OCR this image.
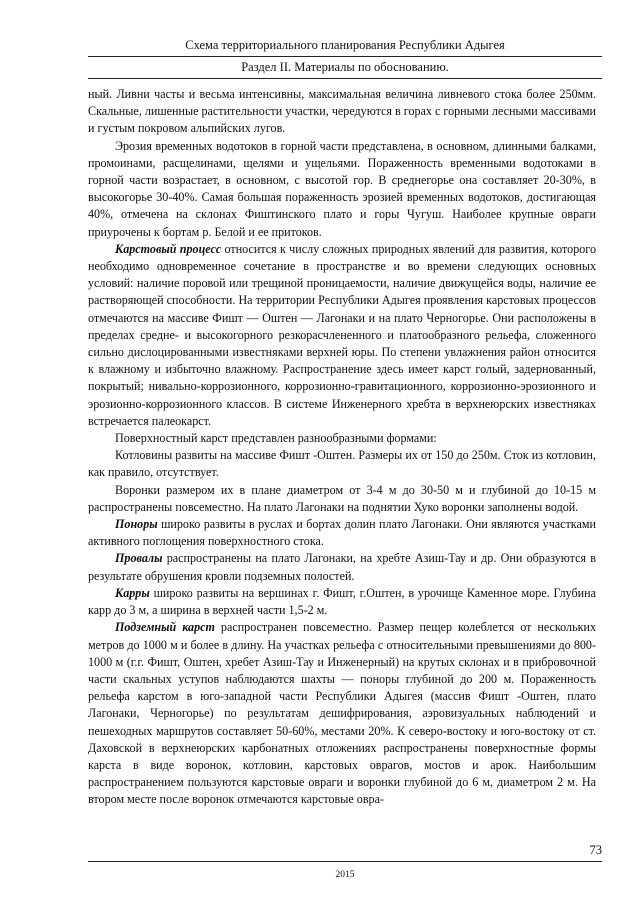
Схема территориального планирования Республики Адыгея

Раздел II. Материалы по обоснованию.

ный. Ливни часты и весьма интенсивны, максимальная величина ливневого стока более 250мм. Скальные, лишенные растительности участки, чередуются в горах с горными лесными массивами и густым покровом альпийских лугов.

Эрозия временных водотоков в горной части представлена, в основном, длинными балками, промоинами, расщелинами, щелями и ущельями. Пораженность временными водотоками в горной части возрастает, в основном, с высотой гор. В среднегорье она составляет 20-30%, в высокогорье 30-40%. Самая большая пораженность эрозией временных водотоков, достигающая 40%, отмечена на склонах Фиштинского плато и горы Чугуш. Наиболее крупные овраги приурочены к бортам р. Белой и ее притоков.

Карстовый процесс относится к числу сложных природных явлений для развития, которого необходимо одновременное сочетание в пространстве и во времени следующих основных условий: наличие поровой или трещиной проницаемости, наличие движущейся воды, наличие ее растворяющей способности. На территории Республики Адыгея проявления карстовых процессов отмечаются на массиве Фишт — Оштен — Лагонаки и на плато Черногорье. Они расположены в пределах средне- и высокогорного резкорасчлененного и платообразного рельефа, сложенного сильно дислоцированными известняками верхней юры. По степени увлажнения район относится к влажному и избыточно влажному. Распространение здесь имеет карст голый, задернованный, покрытый; нивально-коррозионного, коррозионно-гравитационного, коррозионно-эрозионного и эрозионно-коррозионного классов. В системе Инженерного хребта в верхнеюрских известняках встречается палеокарст.

Поверхностный карст представлен разнообразными формами:

Котловины развиты на массиве Фишт -Оштен. Размеры их от 150 до 250м. Сток из котловин, как правило, отсутствует.

Воронки размером их в плане диаметром от 3-4 м до 30-50 м и глубиной до 10-15 м распространены повсеместно. На плато Лагонаки на поднятии Хуко воронки заполнены водой.

Поноры широко развиты в руслах и бортах долин плато Лагонаки. Они являются участками активного поглощения поверхностного стока.

Провалы распространены на плато Лагонаки, на хребте Азиш-Тау и др. Они образуются в результате обрушения кровли подземных полостей.

Карры широко развиты на вершинах г. Фишт, г.Оштен, в урочище Каменное море. Глубина карр до 3 м, а ширина в верхней части 1,5-2 м.

Подземный карст распространен повсеместно. Размер пещер колеблется от нескольких метров до 1000 м и более в длину. На участках рельефа с относительными превышениями до 800-1000 м (г.г. Фишт, Оштен, хребет Азиш-Тау и Инженерный) на крутых склонах и в прибровочной части скальных уступов наблюдаются шахты — поноры глубиной до 200 м. Пораженность рельефа карстом в юго-западной части Республики Адыгея (массив Фишт -Оштен, плато Лагонаки, Черногорье) по результатам дешифрирования, аэровизуальных наблюдений и пешеходных маршрутов составляет 50-60%, местами 20%. К северо-востоку и юго-востоку от ст. Даховской в верхнеюрских карбонатных отложениях распространены поверхностные формы карста в виде воронок, котловин, карстовых оврагов, мостов и арок. Наибольшим распространением пользуются карстовые овраги и воронки глубиной до 6 м, диаметром 2 м. На втором месте после воронок отмечаются карстовые овра-

73

2015
